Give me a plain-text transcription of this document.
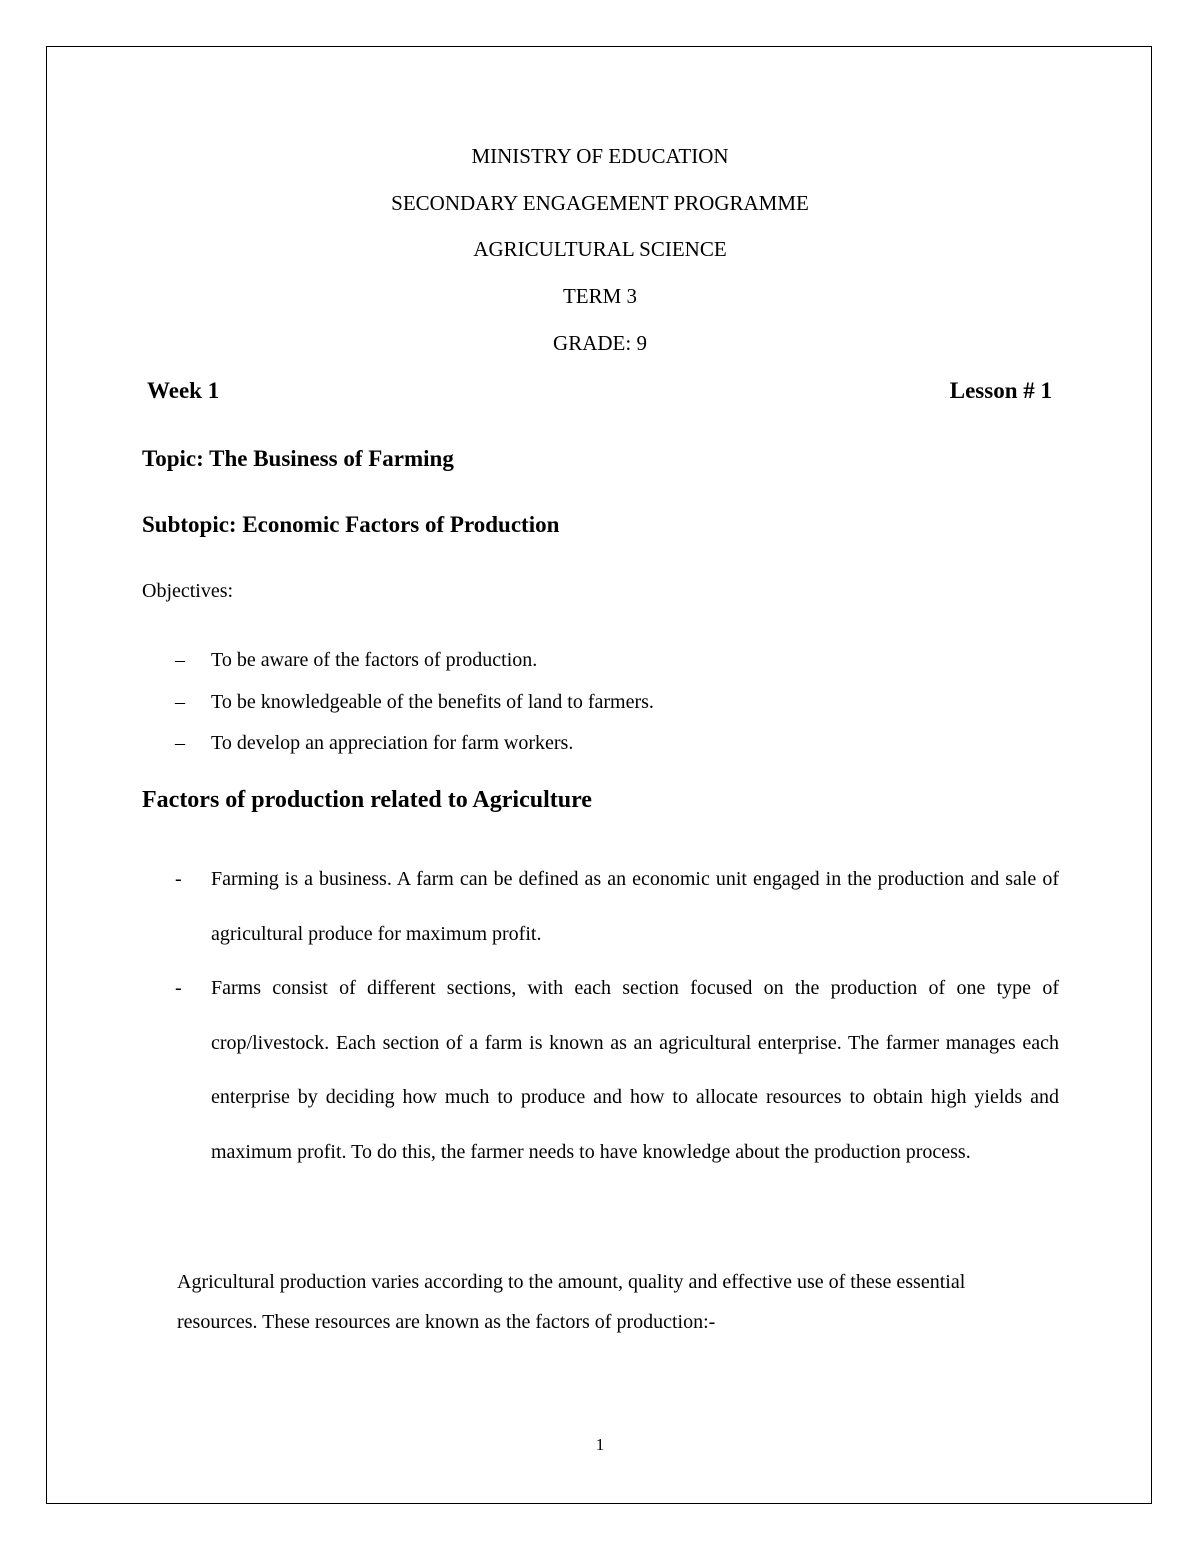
MINISTRY OF EDUCATION
SECONDARY ENGAGEMENT PROGRAMME
AGRICULTURAL SCIENCE
TERM 3
GRADE: 9
Week 1	Lesson # 1
Topic: The Business of Farming
Subtopic: Economic Factors of Production
Objectives:
– To be aware of the factors of production.
– To be knowledgeable of the benefits of land to farmers.
– To develop an appreciation for farm workers.
Factors of production related to Agriculture
- Farming is a business. A farm can be defined as an economic unit engaged in the production and sale of agricultural produce for maximum profit.
- Farms consist of different sections, with each section focused on the production of one type of crop/livestock. Each section of a farm is known as an agricultural enterprise. The farmer manages each enterprise by deciding how much to produce and how to allocate resources to obtain high yields and maximum profit. To do this, the farmer needs to have knowledge about the production process.

Agricultural production varies according to the amount, quality and effective use of these essential resources. These resources are known as the factors of production:-

1
